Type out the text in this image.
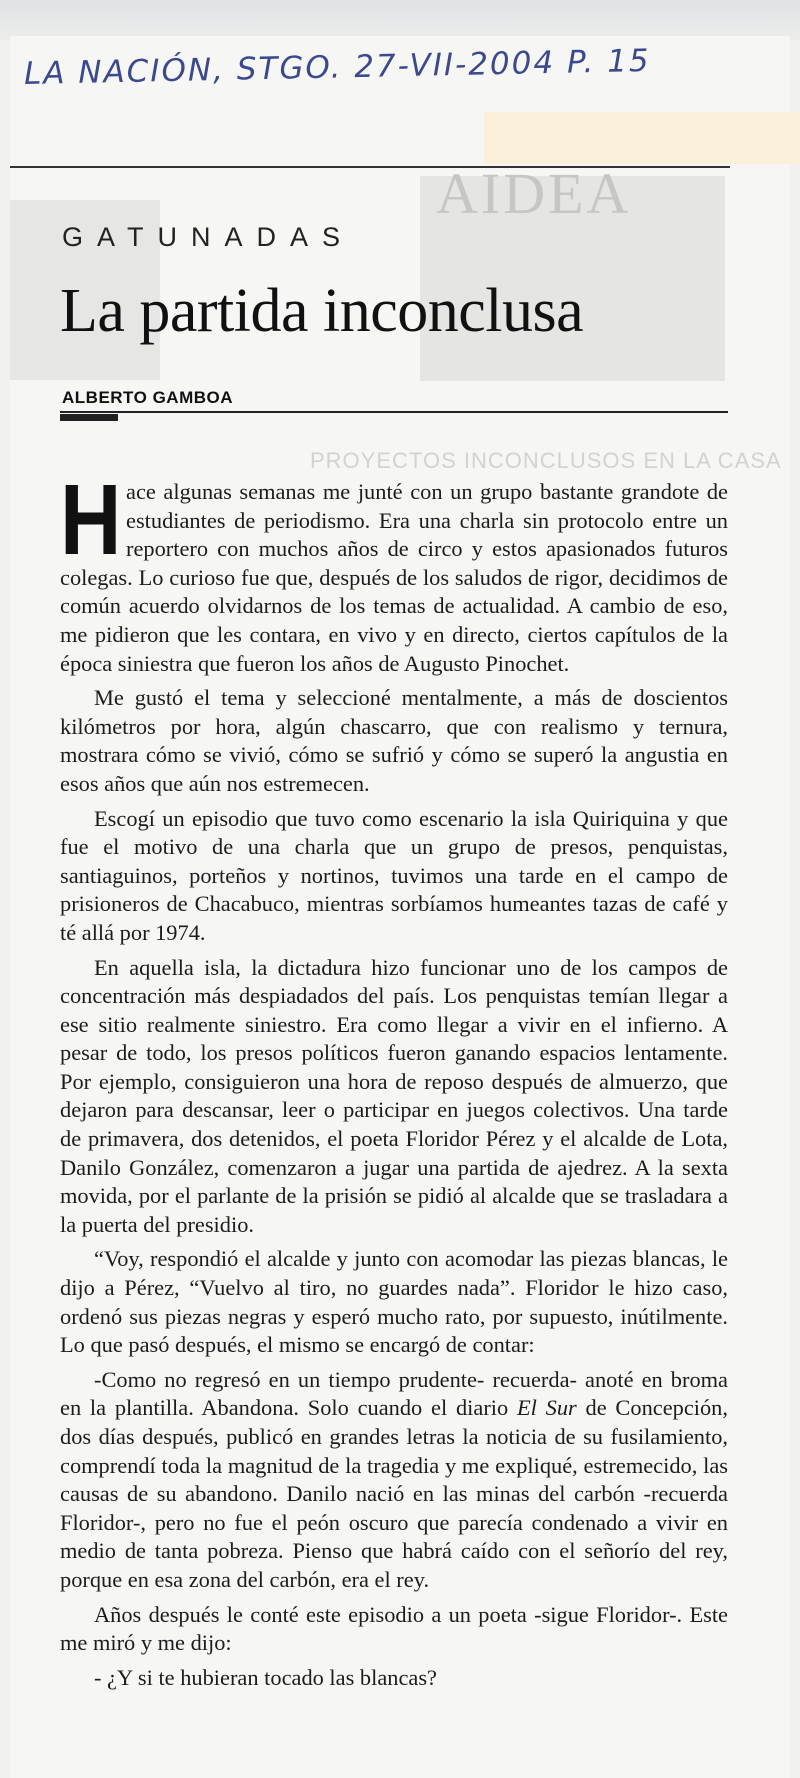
LA NACIÓN, STGO. 27-VII-2004 P. 15
AIDEA
PROYECTOS INCONCLUSOS EN LA CASA
GATUNADAS
La partida inconclusa
ALBERTO GAMBOA

Hace algunas semanas me junté con un grupo bastante grandote de estudiantes de periodismo. Era una charla sin protocolo entre un reportero con muchos años de circo y estos apasionados futuros colegas. Lo curioso fue que, después de los saludos de rigor, decidimos de común acuerdo olvidarnos de los temas de actualidad. A cambio de eso, me pidieron que les contara, en vivo y en directo, ciertos capítulos de la época siniestra que fueron los años de Augusto Pinochet.

Me gustó el tema y seleccioné mentalmente, a más de doscientos kilómetros por hora, algún chascarro, que con realismo y ternura, mostrara cómo se vivió, cómo se sufrió y cómo se superó la angustia en esos años que aún nos estremecen.

Escogí un episodio que tuvo como escenario la isla Quiriquina y que fue el motivo de una charla que un grupo de presos, penquistas, santiaguinos, porteños y nortinos, tuvimos una tarde en el campo de prisioneros de Chacabuco, mientras sorbíamos humeantes tazas de café y té allá por 1974.

En aquella isla, la dictadura hizo funcionar uno de los campos de concentración más despiadados del país. Los penquistas temían llegar a ese sitio realmente siniestro. Era como llegar a vivir en el infierno. A pesar de todo, los presos políticos fueron ganando espacios lentamente. Por ejemplo, consiguieron una hora de reposo después de almuerzo, que dejaron para descansar, leer o participar en juegos colectivos. Una tarde de primavera, dos detenidos, el poeta Floridor Pérez y el alcalde de Lota, Danilo González, comenzaron a jugar una partida de ajedrez. A la sexta movida, por el parlante de la prisión se pidió al alcalde que se trasladara a la puerta del presidio.

“Voy, respondió el alcalde y junto con acomodar las piezas blancas, le dijo a Pérez, “Vuelvo al tiro, no guardes nada”. Floridor le hizo caso, ordenó sus piezas negras y esperó mucho rato, por supuesto, inútilmente. Lo que pasó después, el mismo se encargó de contar:

-Como no regresó en un tiempo prudente- recuerda- anoté en broma en la plantilla. Abandona. Solo cuando el diario El Sur de Concepción, dos días después, publicó en grandes letras la noticia de su fusilamiento, comprendí toda la magnitud de la tragedia y me expliqué, estremecido, las causas de su abandono. Danilo nació en las minas del carbón -recuerda Floridor-, pero no fue el peón oscuro que parecía condenado a vivir en medio de tanta pobreza. Pienso que habrá caído con el señorío del rey, porque en esa zona del carbón, era el rey.

Años después le conté este episodio a un poeta -sigue Floridor-. Este me miró y me dijo:

- ¿Y si te hubieran tocado las blancas?
